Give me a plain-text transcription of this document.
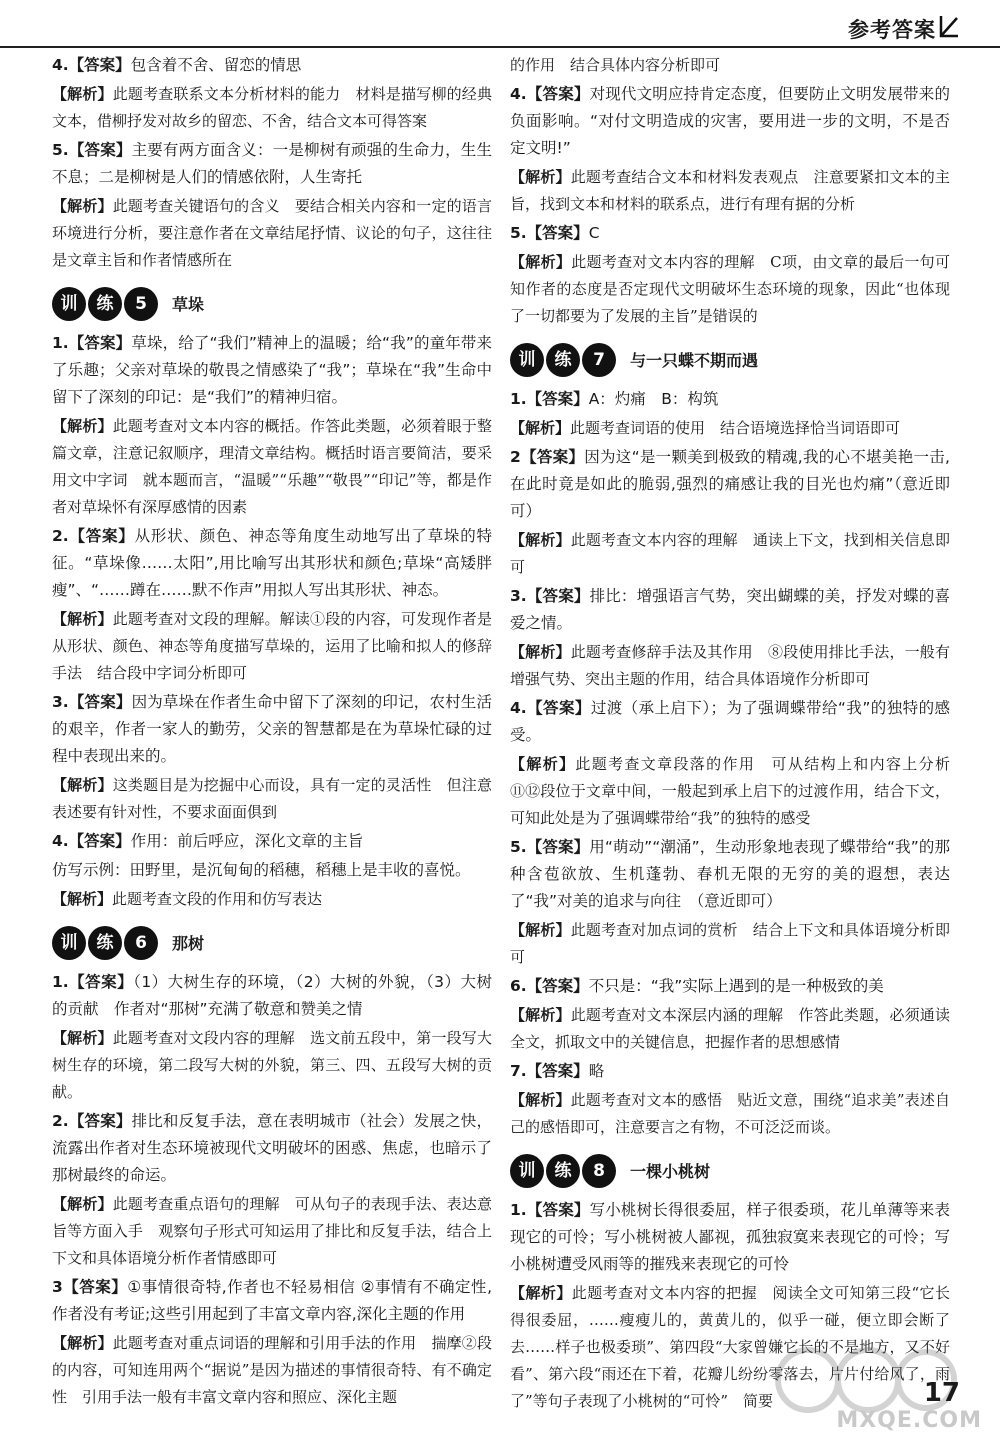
参考答案
4.【答案】包含着不舍、留恋的情思
【解析】此题考查联系文本分析材料的能力　材料是描写柳的经典文本，借柳抒发对故乡的留恋、不舍，结合文本可得答案
5.【答案】主要有两方面含义：一是柳树有顽强的生命力，生生不息；二是柳树是人们的情感依附，人生寄托
【解析】此题考查关键语句的含义　要结合相关内容和一定的语言环境进行分析，要注意作者在文章结尾抒情、议论的句子，这往往是文章主旨和作者情感所在
训	练	5	草垛
1.【答案】草垛，给了“我们”精神上的温暖；给“我”的童年带来了乐趣；父亲对草垛的敬畏之情感染了“我”；草垛在“我”生命中留下了深刻的印记：是“我们”的精神归宿。
【解析】此题考查对文本内容的概括。作答此类题，必须着眼于整篇文章，注意记叙顺序，理清文章结构。概括时语言要简洁，要采用文中字词　就本题而言，“温暖”“乐趣”“敬畏”“印记”等，都是作者对草垛怀有深厚感情的因素
2.【答案】从形状、颜色、神态等角度生动地写出了草垛的特征。“草垛像……太阳”,用比喻写出其形状和颜色;草垛“高矮胖瘦”、“……蹲在……默不作声”用拟人写出其形状、神态。
【解析】此题考查对文段的理解。解读①段的内容，可发现作者是从形状、颜色、神态等角度描写草垛的，运用了比喻和拟人的修辞手法　结合段中字词分析即可
3.【答案】因为草垛在作者生命中留下了深刻的印记，农村生活的艰辛，作者一家人的勤劳，父亲的智慧都是在为草垛忙碌的过程中表现出来的。
【解析】这类题目是为挖掘中心而设，具有一定的灵活性　但注意表述要有针对性，不要求面面俱到
4.【答案】作用：前后呼应，深化文章的主旨
仿写示例：田野里，是沉甸甸的稻穗，稻穗上是丰收的喜悦。
【解析】此题考查文段的作用和仿写表达
训	练	6	那树
1.【答案】（1）大树生存的环境，（2）大树的外貌，（3）大树的贡献　作者对“那树”充满了敬意和赞美之情
【解析】此题考查对文段内容的理解　选文前五段中，第一段写大树生存的环境，第二段写大树的外貌，第三、四、五段写大树的贡献。
2.【答案】排比和反复手法，意在表明城市（社会）发展之快，流露出作者对生态环境被现代文明破坏的困惑、焦虑，也暗示了那树最终的命运。
【解析】此题考查重点语句的理解　可从句子的表现手法、表达意旨等方面入手　观察句子形式可知运用了排比和反复手法，结合上下文和具体语境分析作者情感即可
3【答案】①事情很奇特,作者也不轻易相信 ②事情有不确定性,作者没有考证;这些引用起到了丰富文章内容,深化主题的作用
【解析】此题考查对重点词语的理解和引用手法的作用　揣摩②段的内容，可知连用两个“据说”是因为描述的事情很奇特、有不确定性　引用手法一般有丰富文章内容和照应、深化主题
的作用　结合具体内容分析即可
4.【答案】对现代文明应持肯定态度，但要防止文明发展带来的负面影响。“对付文明造成的灾害，要用进一步的文明，不是否定文明!”
【解析】此题考查结合文本和材料发表观点　注意要紧扣文本的主旨，找到文本和材料的联系点，进行有理有据的分析
5.【答案】C
【解析】此题考查对文本内容的理解　C项，由文章的最后一句可知作者的态度是否定现代文明破坏生态环境的现象，因此“也体现了一切都要为了发展的主旨”是错误的
训	练	7	与一只蝶不期而遇
1.【答案】A：灼痛　B：构筑
【解析】此题考查词语的使用　结合语境选择恰当词语即可
2【答案】因为这“是一颗美到极致的精魂,我的心不堪美艳一击,在此时竟是如此的脆弱,强烈的痛感让我的目光也灼痛”（意近即可）
【解析】此题考查文本内容的理解　通读上下文，找到相关信息即可
3.【答案】排比：增强语言气势，突出蝴蝶的美，抒发对蝶的喜爱之情。
【解析】此题考查修辞手法及其作用　⑧段使用排比手法，一般有增强气势、突出主题的作用，结合具体语境作分析即可
4.【答案】过渡（承上启下）；为了强调蝶带给“我”的独特的感受。
【解析】此题考查文章段落的作用　可从结构上和内容上分析　⑪⑫段位于文章中间，一般起到承上启下的过渡作用，结合下文，可知此处是为了强调蝶带给“我”的独特的感受
5.【答案】用“萌动”“潮涌”，生动形象地表现了蝶带给“我”的那种含苞欲放、生机蓬勃、春机无限的无穷的美的遐想，表达了“我”对美的追求与向往　（意近即可）
【解析】此题考查对加点词的赏析　结合上下文和具体语境分析即可
6.【答案】不只是：“我”实际上遇到的是一种极致的美
【解析】此题考查对文本深层内涵的理解　作答此类题，必须通读全文，抓取文中的关键信息，把握作者的思想感情
7.【答案】略
【解析】此题考查对文本的感悟　贴近文意，围绕“追求美”表述自己的感悟即可，注意要言之有物，不可泛泛而谈。
训	练	8	一棵小桃树
1.【答案】写小桃树长得很委屈，样子很委琐，花儿单薄等来表现它的可怜；写小桃树被人鄙视，孤独寂寞来表现它的可怜；写小桃树遭受风雨等的摧残来表现它的可怜
【解析】此题考查对文本内容的把握　阅读全文可知第三段“它长得很委屈，……瘦瘦儿的，黄黄儿的，似乎一碰，便立即会断了去……样子也极委琐”、第四段“大家曾嫌它长的不是地方，又不好看”、第六段“雨还在下着，花瓣儿纷纷零落去，片片付给风了，雨了”等句子表现了小桃树的“可怜”　简要	17
MXQE.COM
